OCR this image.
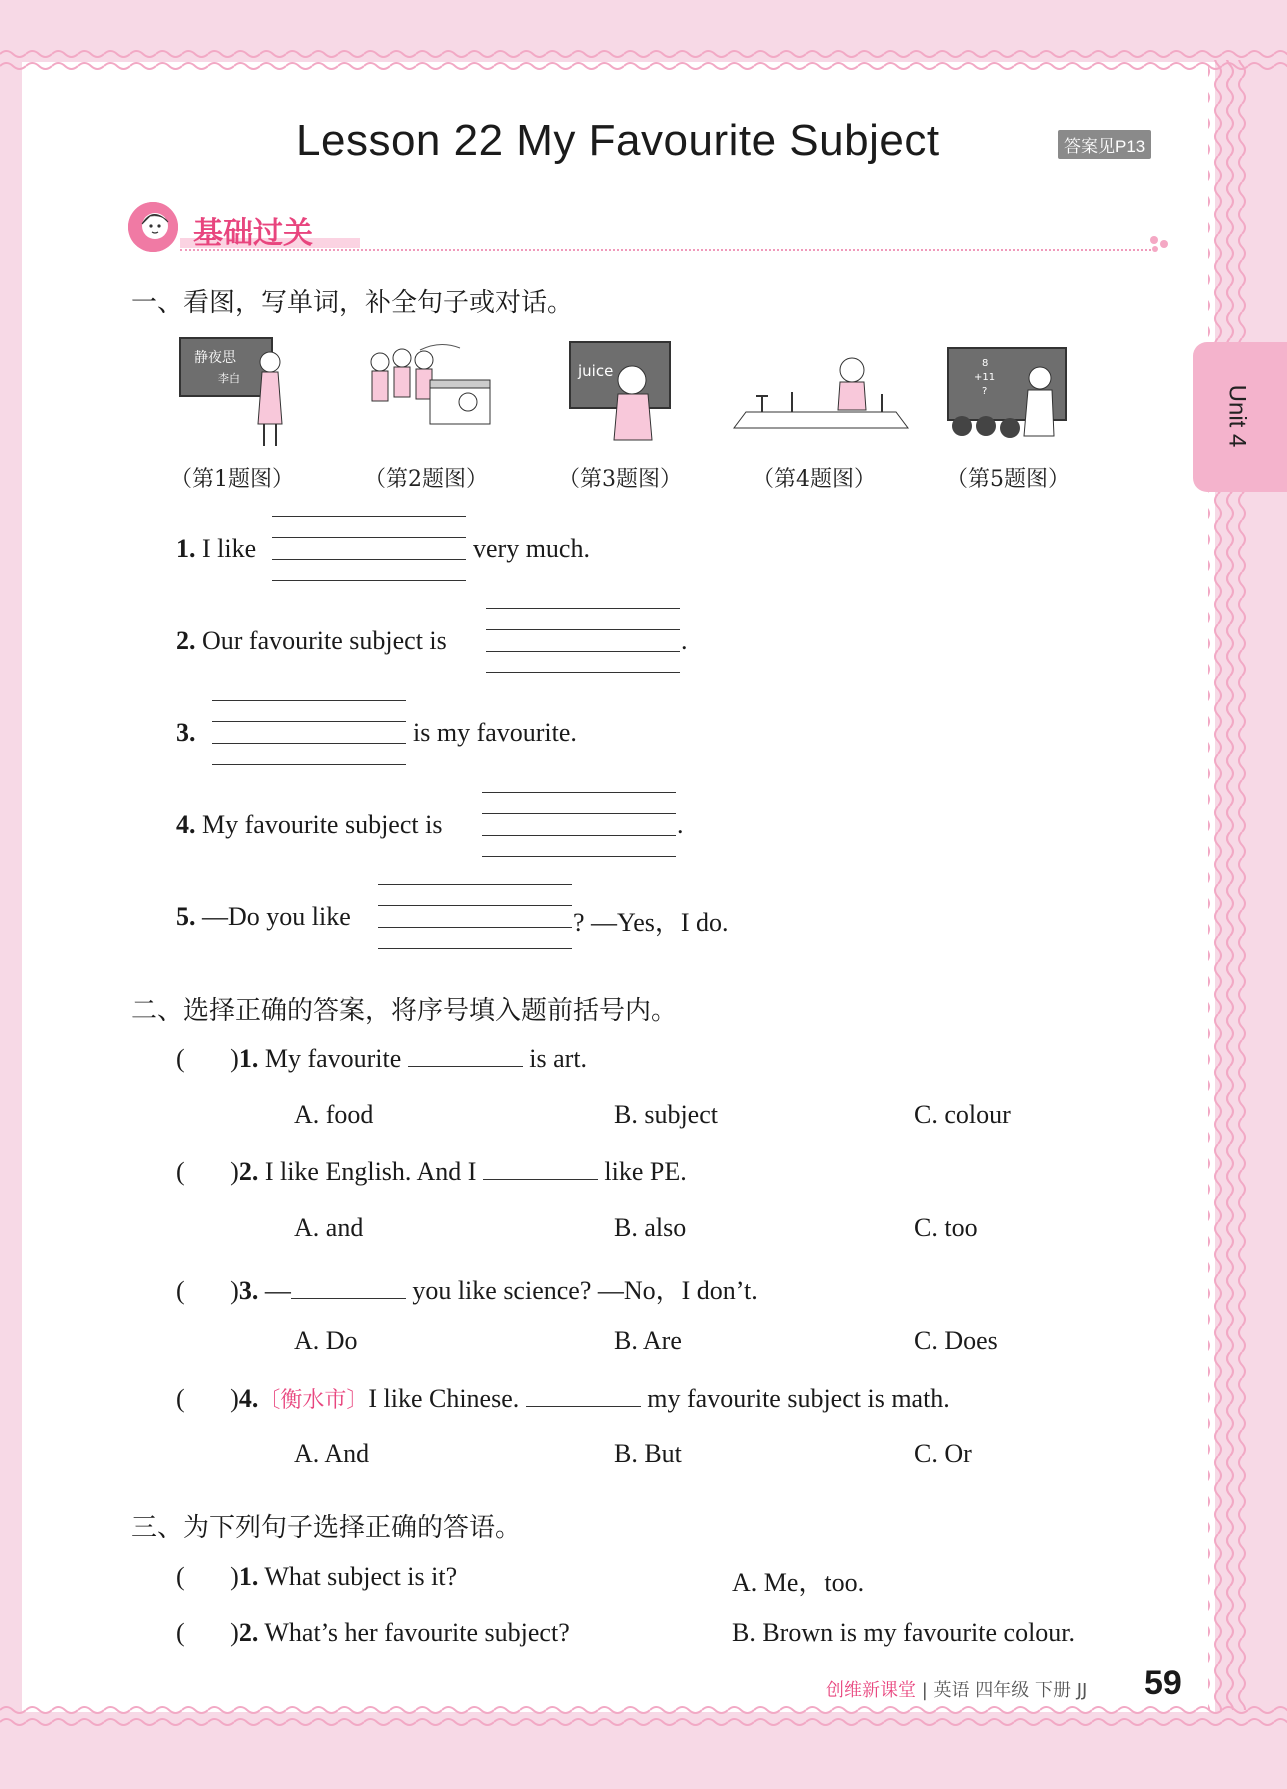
Lesson 22 My Favourite Subject	答案见P13
Unit 4
基础过关
一、看图，写单词，补全句子或对话。
静夜思
李白	juice	8
+11
?
（第1题图）	（第2题图）	（第3题图）	（第4题图）	（第5题图）
1. I like	very much.
2. Our favourite subject is	.
3.	is my favourite.
4. My favourite subject is	.
5. —Do you like	? —Yes，I do.
二、选择正确的答案，将序号填入题前括号内。
(       )1. My favourite	is art.
A. food	B. subject	C. colour
(       )2. I like English. And I	like PE.
A. and	B. also	C. too
(       )3. —	you like science? —No，I don’t.
A. Do	B. Are	C. Does
(       )4.〔衡水市〕I like Chinese.	my favourite subject is math.
A. And	B. But	C. Or
三、为下列句子选择正确的答语。
(       )1. What subject is it?	A. Me，too.
(       )2. What’s her favourite subject?	B. Brown is my favourite colour.
创维新课堂 | 英语 四年级 下册 JJ 59
